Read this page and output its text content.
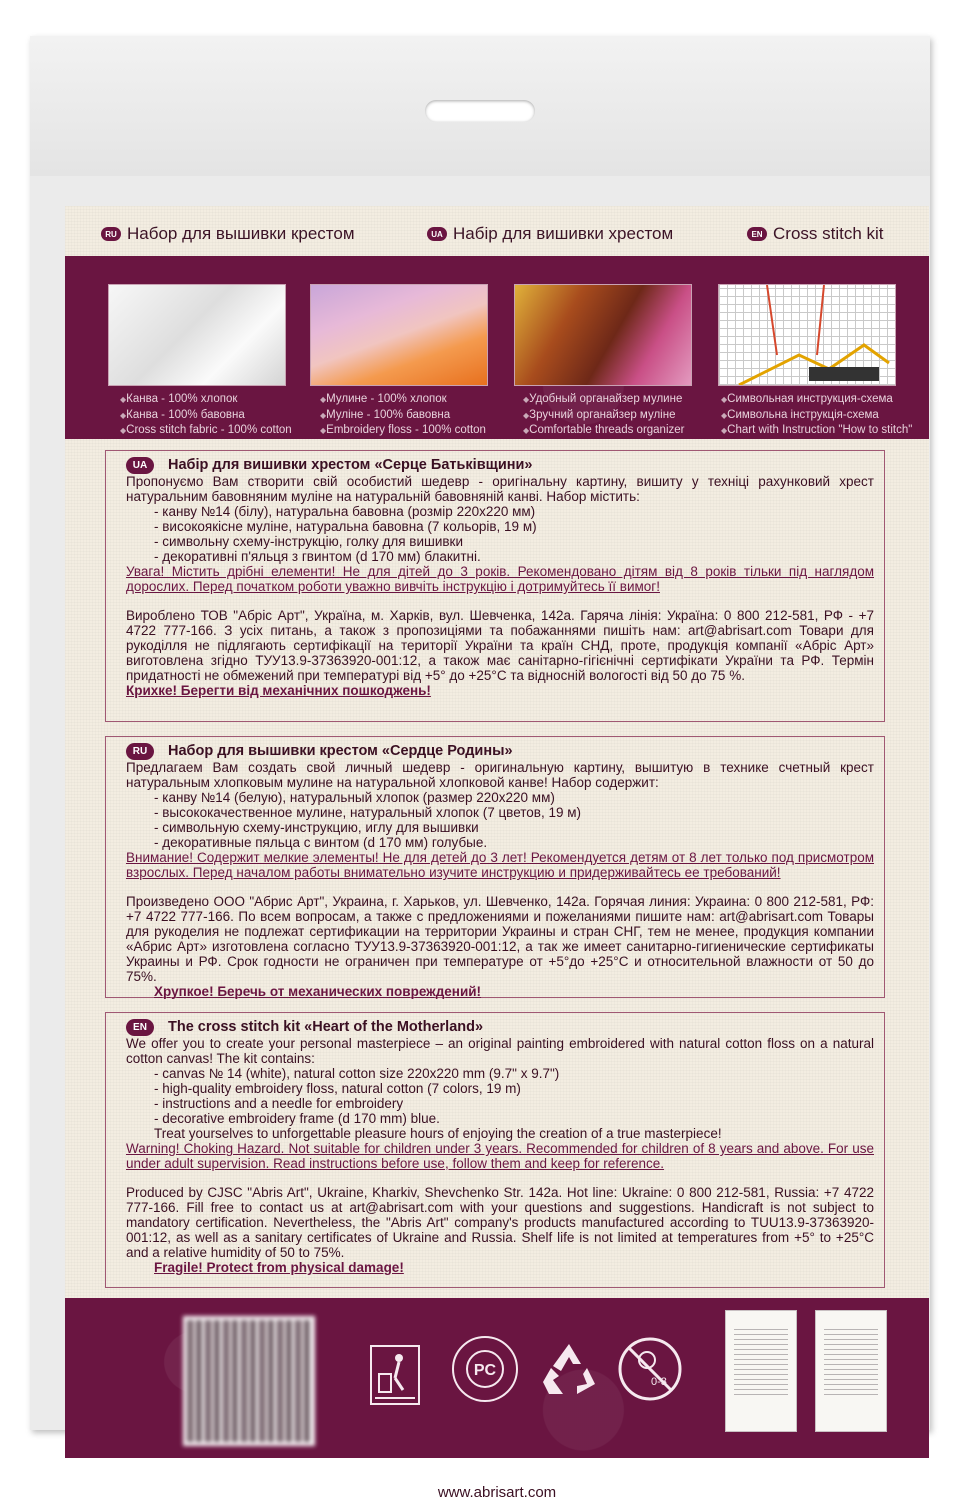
RU Набор для вышивки крестом	UA Набір для вишивки хрестом	EN Cross stitch kit
◆ Канва - 100% хлопок
◆ Канва - 100% бавовна
◆ Cross stitch fabric - 100% cotton
◆ Мулине - 100% хлопок
◆ Муліне - 100% бавовна
◆ Embroidery floss - 100% cotton
◆ Удобный органайзер мулине
◆ Зручний органайзер муліне
◆ Comfortable threads organizer
◆ Символьная инструкция-схема
◆ Символьна інструкція-схема
◆ Chart with Instruction "How to stitch"
UA	Набір для вишивки хрестом «Серце Батьківщини»

Пропонуємо Вам створити свій особистий шедевр - оригінальну картину, вишиту у техніці рахунковий хрест натуральним бавовняним муліне на натуральній бавовняній канві. Набор містить:

- канву №14 (білу), натуральна бавовна (розмір 220х220 мм)
- високоякісне муліне, натуральна бавовна (7 кольорів, 19 м)
- символьну схему-інструкцію, голку для вишивки
- декоративні п'яльця з гвинтом (d 170 мм) блакитні.

Увага! Містить дрібні елементи! Не для дітей до 3 років. Рекомендовано дітям від 8 років тільки під наглядом дорослих. Перед початком роботи уважно вивчіть інструкцію і дотримуйтесь її вимог!

Вироблено ТОВ "Абріс Арт", Україна, м. Харків, вул. Шевченка, 142а. Гаряча лінія: Україна: 0 800 212-581, РФ - +7 4722 777-166. З усіх питань, а також з пропозиціями та побажаннями пишіть нам: art@abrisart.com Товари для рукоділля не підлягають сертифікації на території України та країн СНД, проте, продукція компанії «Абріс Арт» виготовлена згідно ТУУ13.9-37363920-001:12, а також має санітарно-гігієнічні сертифікати України та РФ. Термін придатності не обмежений при температурі від +5° до +25°С та відносній вологості від 50 до 75 %.

Крихке! Берегти від механічних пошкоджень!
RU	Набор для вышивки крестом «Сердце Родины»

Предлагаем Вам создать свой личный шедевр - оригинальную картину, вышитую в технике счетный крест натуральным хлопковым мулине на натуральной хлопковой канве! Набор содержит:

- канву №14 (белую), натуральный хлопок (размер 220х220 мм)
- высококачественное мулине, натуральный хлопок (7 цветов, 19 м)
- символьную схему-инструкцию, иглу для вышивки
- декоративные пяльца с винтом (d 170 мм) голубые.

Внимание! Содержит мелкие элементы! Не для детей до 3 лет! Рекомендуется детям от 8 лет только под присмотром взрослых. Перед началом работы внимательно изучите инструкцию и придерживайтесь ее требований!

Произведено ООО "Абрис Арт", Украина, г. Харьков, ул. Шевченко, 142а. Горячая линия: Украина: 0 800 212-581, РФ: +7 4722 777-166. По всем вопросам, а также с предложениями и пожеланиями пишите нам: art@abrisart.com Товары для рукоделия не подлежат сертификации на территории Украины и стран СНГ, тем не менее, продукция компании «Абрис Арт» изготовлена согласно ТУУ13.9-37363920-001:12, а так же имеет санитарно-гигиенические сертификаты Украины и РФ. Срок годности не ограничен при температуре от +5°до +25°С и относительной влажности от 50 до 75%.

Хрупкое! Беречь от механических повреждений!
EN	The cross stitch kit «Heart of the Motherland»

We offer you to create your personal masterpiece – an original painting embroidered with natural cotton floss on a natural cotton canvas! The kit contains:

- canvas № 14 (white), natural cotton size 220x220 mm (9.7" x 9.7")
- high-quality embroidery floss, natural cotton (7 colors, 19 m)
- instructions and a needle for embroidery
- decorative embroidery frame (d 170 mm) blue.
Treat yourselves to unforgettable pleasure hours of enjoying the creation of a true masterpiece!

Warning! Choking Hazard. Not suitable for children under 3 years. Recommended for children of 8 years and above. For use under adult supervision. Read instructions before use, follow them and keep for reference.

Produced by CJSC "Abris Art", Ukraine, Kharkiv, Shevchenko Str. 142a. Hot line: Ukraine: 0 800 212-581, Russia: +7 4722 777-166. Fill free to contact us at art@abrisart.com with your questions and suggestions. Handicraft is not subject to mandatory certification. Nevertheless, the "Abris Art" company's products manufactured according to TUU13.9-37363920-001:12, as well as a sanitary certificates of Ukraine and Russia. Shelf life is not limited at temperatures from +5° to +25°C and a relative humidity of 50 to 75%.

Fragile! Protect from physical damage!
PC
0-3
www.abrisart.com
